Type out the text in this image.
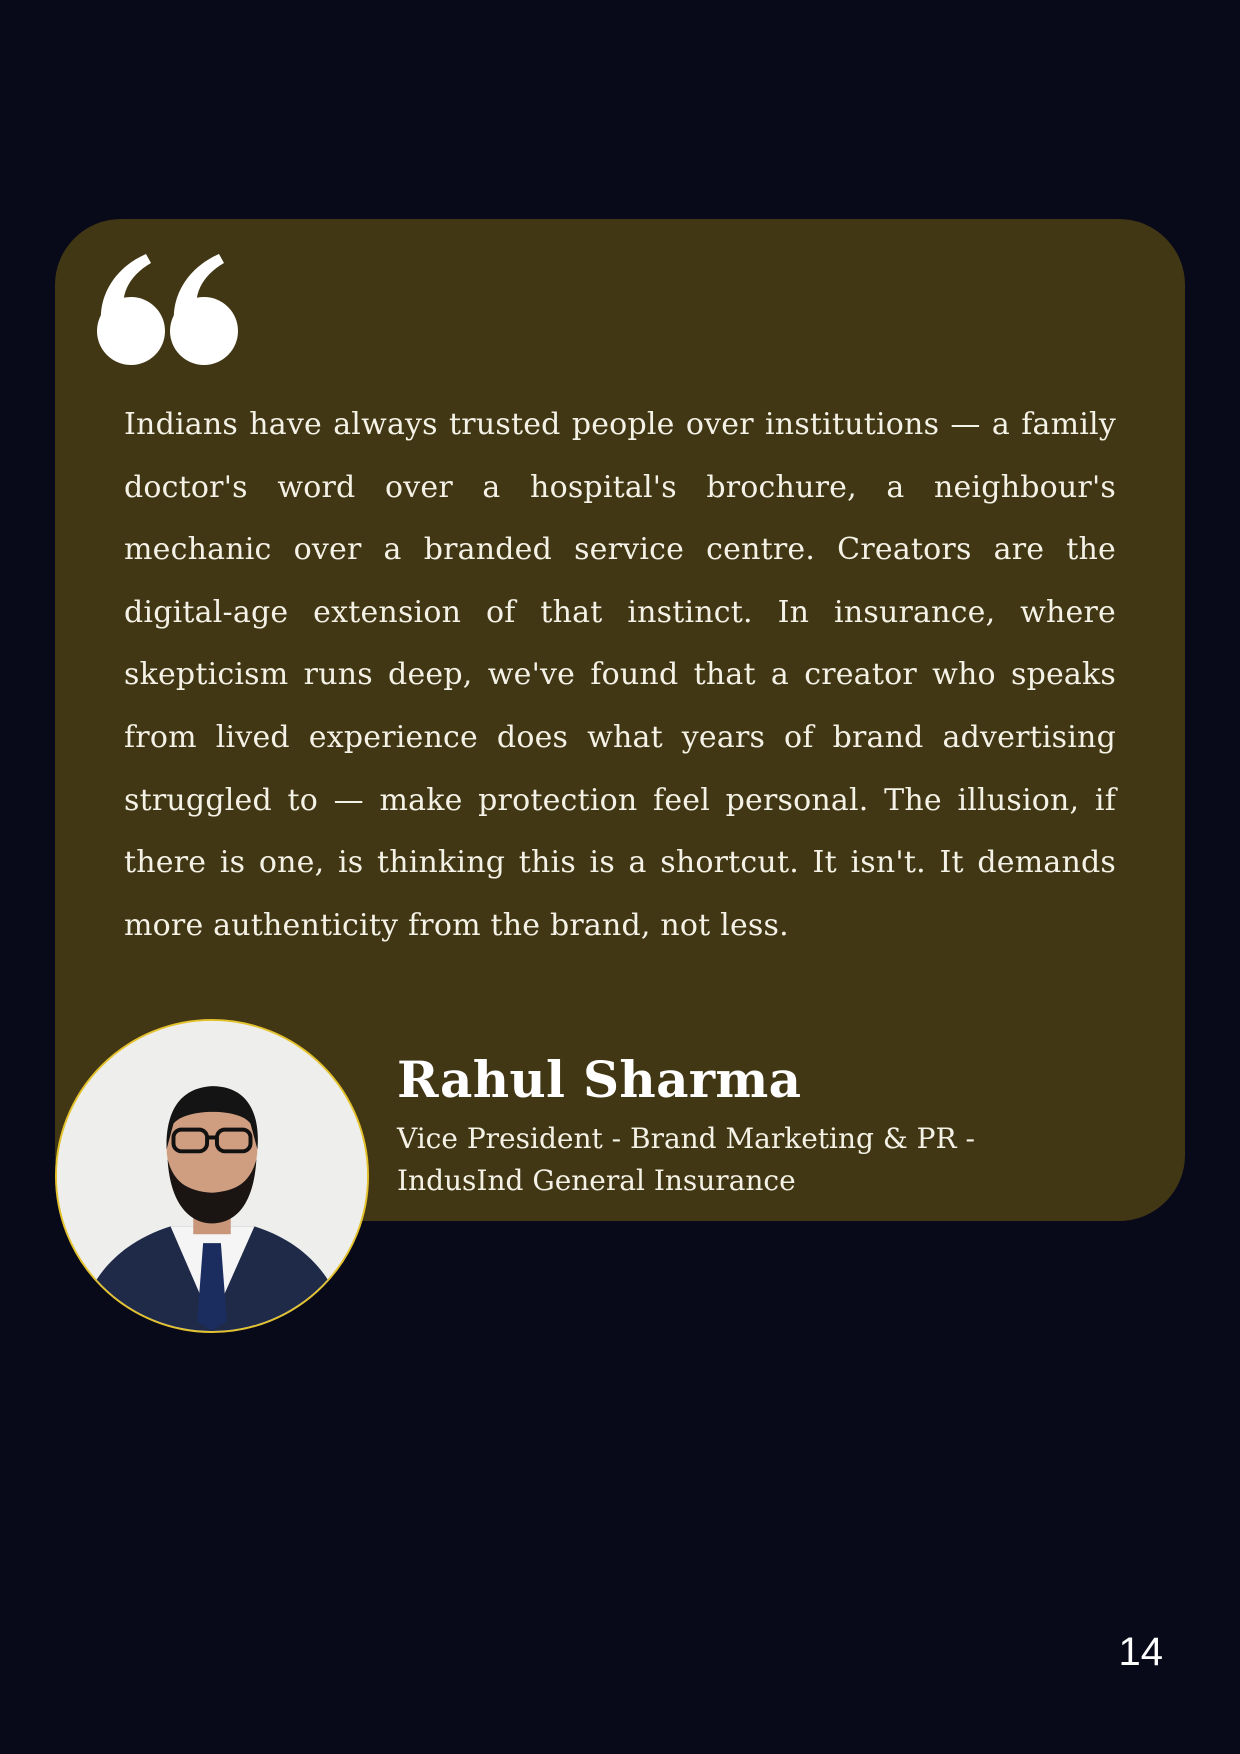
Indians have always trusted people over institutions — a family doctor's word over a hospital's brochure, a neighbour's mechanic over a branded service centre. Creators are the digital-age extension of that instinct. In insurance, where skepticism runs deep, we've found that a creator who speaks from lived experience does what years of brand advertising struggled to — make protection feel personal. The illusion, if there is one, is thinking this is a shortcut. It isn't. It demands more authenticity from the brand, not less.

Rahul Sharma
Vice President - Brand Marketing & PR -
IndusInd General Insurance
14
